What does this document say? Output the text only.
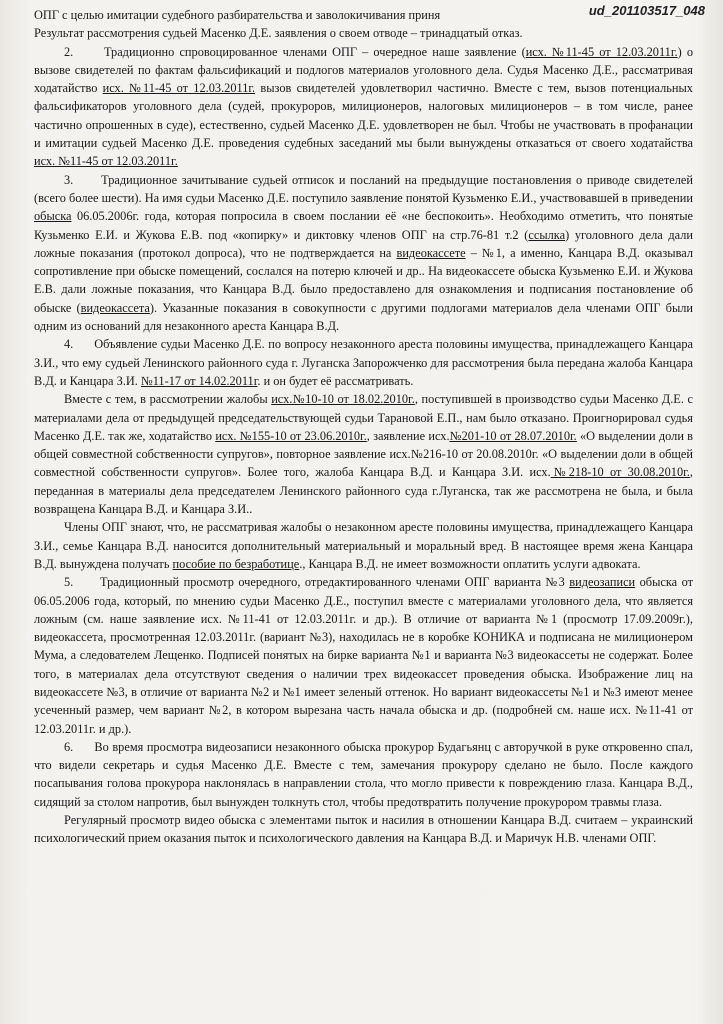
ud_201103517_048

ОПГ с целью имитации судебного разбирательства и заволокичивания приня
Результат рассмотрения судьей Масенко Д.Е. заявления о своем отводе – тринадцатый отказ.

2. Традиционно спровоцированное членами ОПГ – очередное наше заявление (исх. №11-45 от 12.03.2011г.) о вызове свидетелей по фактам фальсификаций и подлогов материалов уголовного дела. Судья Масенко Д.Е., рассматривая ходатайство исх. №11-45 от 12.03.2011г. вызов свидетелей удовлетворил частично. Вместе с тем, вызов потенциальных фальсификаторов уголовного дела (судей, прокуроров, милиционеров, налоговых милиционеров – в том числе, ранее частично опрошенных в суде), естественно, судьей Масенко Д.Е. удовлетворен не был. Чтобы не участвовать в профанации и имитации судьей Масенко Д.Е. проведения судебных заседаний мы были вынуждены отказаться от своего ходатайства исх. №11-45 от 12.03.2011г.

3. Традиционное зачитывание судьей отписок и посланий на предыдущие постановления о приводе свидетелей (всего более шести). На имя судьи Масенко Д.Е. поступило заявление понятой Кузьменко Е.И., участвовавшей в приведении обыска 06.05.2006г. года, которая попросила в своем послании её «не беспокоить». Необходимо отметить, что понятые Кузьменко Е.И. и Жукова Е.В. под «копирку» и диктовку членов ОПГ на стр.76-81 т.2 (ссылка) уголовного дела дали ложные показания (протокол допроса), что не подтверждается на видеокассете – №1, а именно, Канцара В.Д. оказывал сопротивление при обыске помещений, сослался на потерю ключей и др.. На видеокассете обыска Кузьменко Е.И. и Жукова Е.В. дали ложные показания, что Канцара В.Д. было предоставлено для ознакомления и подписания постановление об обыске (видеокассета). Указанные показания в совокупности с другими подлогами материалов дела членами ОПГ были одним из оснований для незаконного ареста Канцара В.Д.

4. Объявление судьи Масенко Д.Е. по вопросу незаконного ареста половины имущества, принадлежащего Канцара З.И., что ему судьей Ленинского районного суда г. Луганска Запорожченко для рассмотрения была передана жалоба Канцара В.Д. и Канцара З.И. №11-17 от 14.02.2011г. и он будет её рассматривать.

Вместе с тем, в рассмотрении жалобы исх.№10-10 от 18.02.2010г., поступившей в производство судьи Масенко Д.Е. с материалами дела от предыдущей председательствующей судьи Тарановой Е.П., нам было отказано. Проигнорировал судья Масенко Д.Е. так же, ходатайство исх. №155-10 от 23.06.2010г., заявление исх.№201-10 от 28.07.2010г. «О выделении доли в общей совместной собственности супругов», повторное заявление исх.№216-10 от 20.08.2010г. «О выделении доли в общей совместной собственности супругов». Более того, жалоба Канцара В.Д. и Канцара З.И. исх.№218-10 от 30.08.2010г., переданная в материалы дела председателем Ленинского районного суда г.Луганска, так же рассмотрена не была, и была возвращена Канцара В.Д. и Канцара З.И..

Члены ОПГ знают, что, не рассматривая жалобы о незаконном аресте половины имущества, принадлежащего Канцара З.И., семье Канцара В.Д. наносится дополнительный материальный и моральный вред. В настоящее время жена Канцара В.Д. вынуждена получать пособие по безработице., Канцара В.Д. не имеет возможности оплатить услуги адвоката.

5. Традиционный просмотр очередного, отредактированного членами ОПГ варианта №3 видеозаписи обыска от 06.05.2006 года, который, по мнению судьи Масенко Д.Е., поступил вместе с материалами уголовного дела, что является ложным (см. наше заявление исх. №11-41 от 12.03.2011г. и др.). В отличие от варианта №1 (просмотр 17.09.2009г.), видеокассета, просмотренная 12.03.2011г. (вариант №3), находилась не в коробке КОНИКА и подписана не милиционером Мума, а следователем Лещенко. Подписей понятых на бирке варианта №1 и варианта №3 видеокассеты не содержат. Более того, в материалах дела отсутствуют сведения о наличии трех видеокассет проведения обыска. Изображение лиц на видеокассете №3, в отличие от варианта №2 и №1 имеет зеленый оттенок. Но вариант видеокассеты №1 и №3 имеют менее усеченный размер, чем вариант №2, в котором вырезана часть начала обыска и др. (подробней см. наше исх. №11-41 от 12.03.2011г. и др.).

6. Во время просмотра видеозаписи незаконного обыска прокурор Будагьянц с авторучкой в руке откровенно спал, что видели секретарь и судья Масенко Д.Е. Вместе с тем, замечания прокурору сделано не было. После каждого посапывания голова прокурора наклонялась в направлении стола, что могло привести к повреждению глаза. Канцара В.Д., сидящий за столом напротив, был вынужден толкнуть стол, чтобы предотвратить получение прокурором травмы глаза.

Регулярный просмотр видео обыска с элементами пыток и насилия в отношении Канцара В.Д. считаем – украинский психологический прием оказания пыток и психологического давления на Канцара В.Д. и Маричук Н.В. членами ОПГ.
